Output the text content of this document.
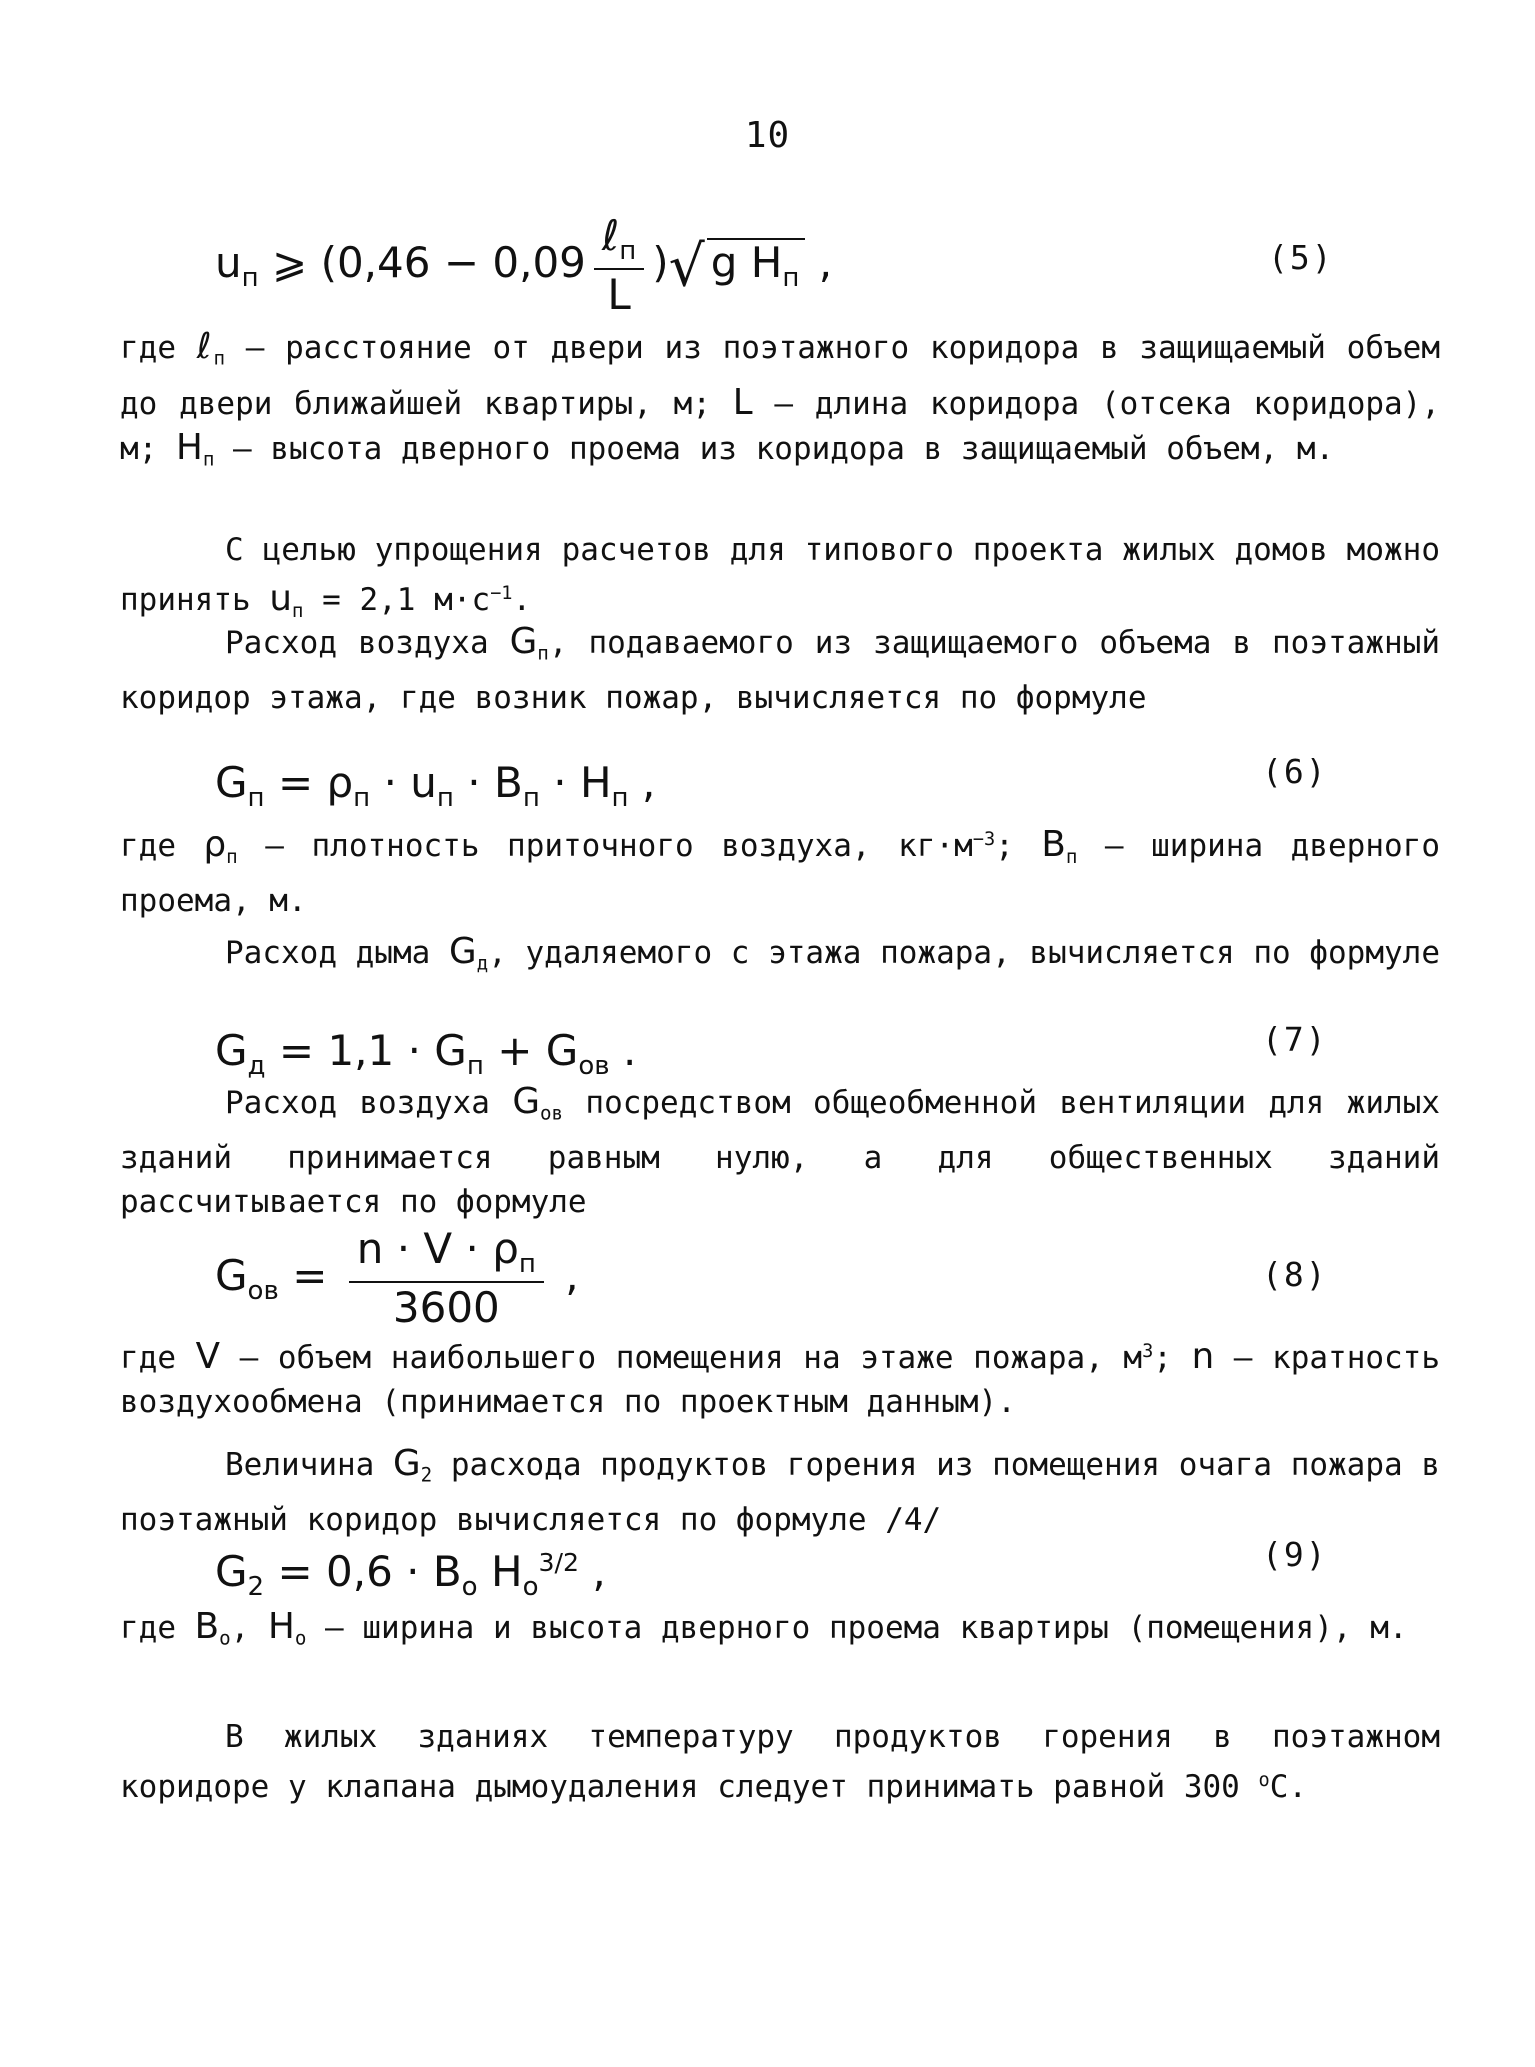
10
$u_п$ ⩾ ($0,46 - 0,09 \frac{\ell_п}{L}$ )√ g $H_п$ ,	(5)
где ℓ$_п$ – расстояние от двери из поэтажного коридора в защищаемый объем до двери ближайшей квартиры, м; L – длина коридора (отсека коридора), м; $H_п$ – высота дверного проема из коридора в защищаемый объем, м.
С целью упрощения расчетов для типового проекта жилых домов можно принять $u_п = 2,1$ $м\cdot с^{-1}$.
Расход воздуха $G_п$, подаваемого из защищаемого объема в поэтажный коридор этажа, где возник пожар, вычисляется по формуле
$G_п = \rho_п \cdot u_п \cdot B_п \cdot H_п$ ,	(6)
где $\rho_п$ – плотность приточного воздуха, $кг\cdot м^{-3}$; $B_п$ – ширина дверного проема, м.
Расход дыма $G_д$, удаляемого с этажа пожара, вычисляется по формуле
$G_д = 1,1 \cdot G_п + G_{ов}$ .	(7)
Расход воздуха $G_{ов}$ посредством общеобменной вентиляции для жилых зданий принимается равным нулю, а для общественных зданий рассчитывается по формуле
$G_{ов} = \frac{n \cdot V \cdot \rho_п}{3600}$ ,	(8)
где V – объем наибольшего помещения на этаже пожара, $м^3$; n – кратность воздухообмена (принимается по проектным данным).
Величина $G_2$ расхода продуктов горения из помещения очага пожара в поэтажный коридор вычисляется по формуле /4/
$G_2 = 0,6 \cdot B_о$ $H_о^{3/2}$ ,	(9)
где $B_о$, $H_о$ – ширина и высота дверного проема квартиры (помещения), м.
В жилых зданиях температуру продуктов горения в поэтажном коридоре у клапана дымоудаления следует принимать равной 300 $^о$С.
